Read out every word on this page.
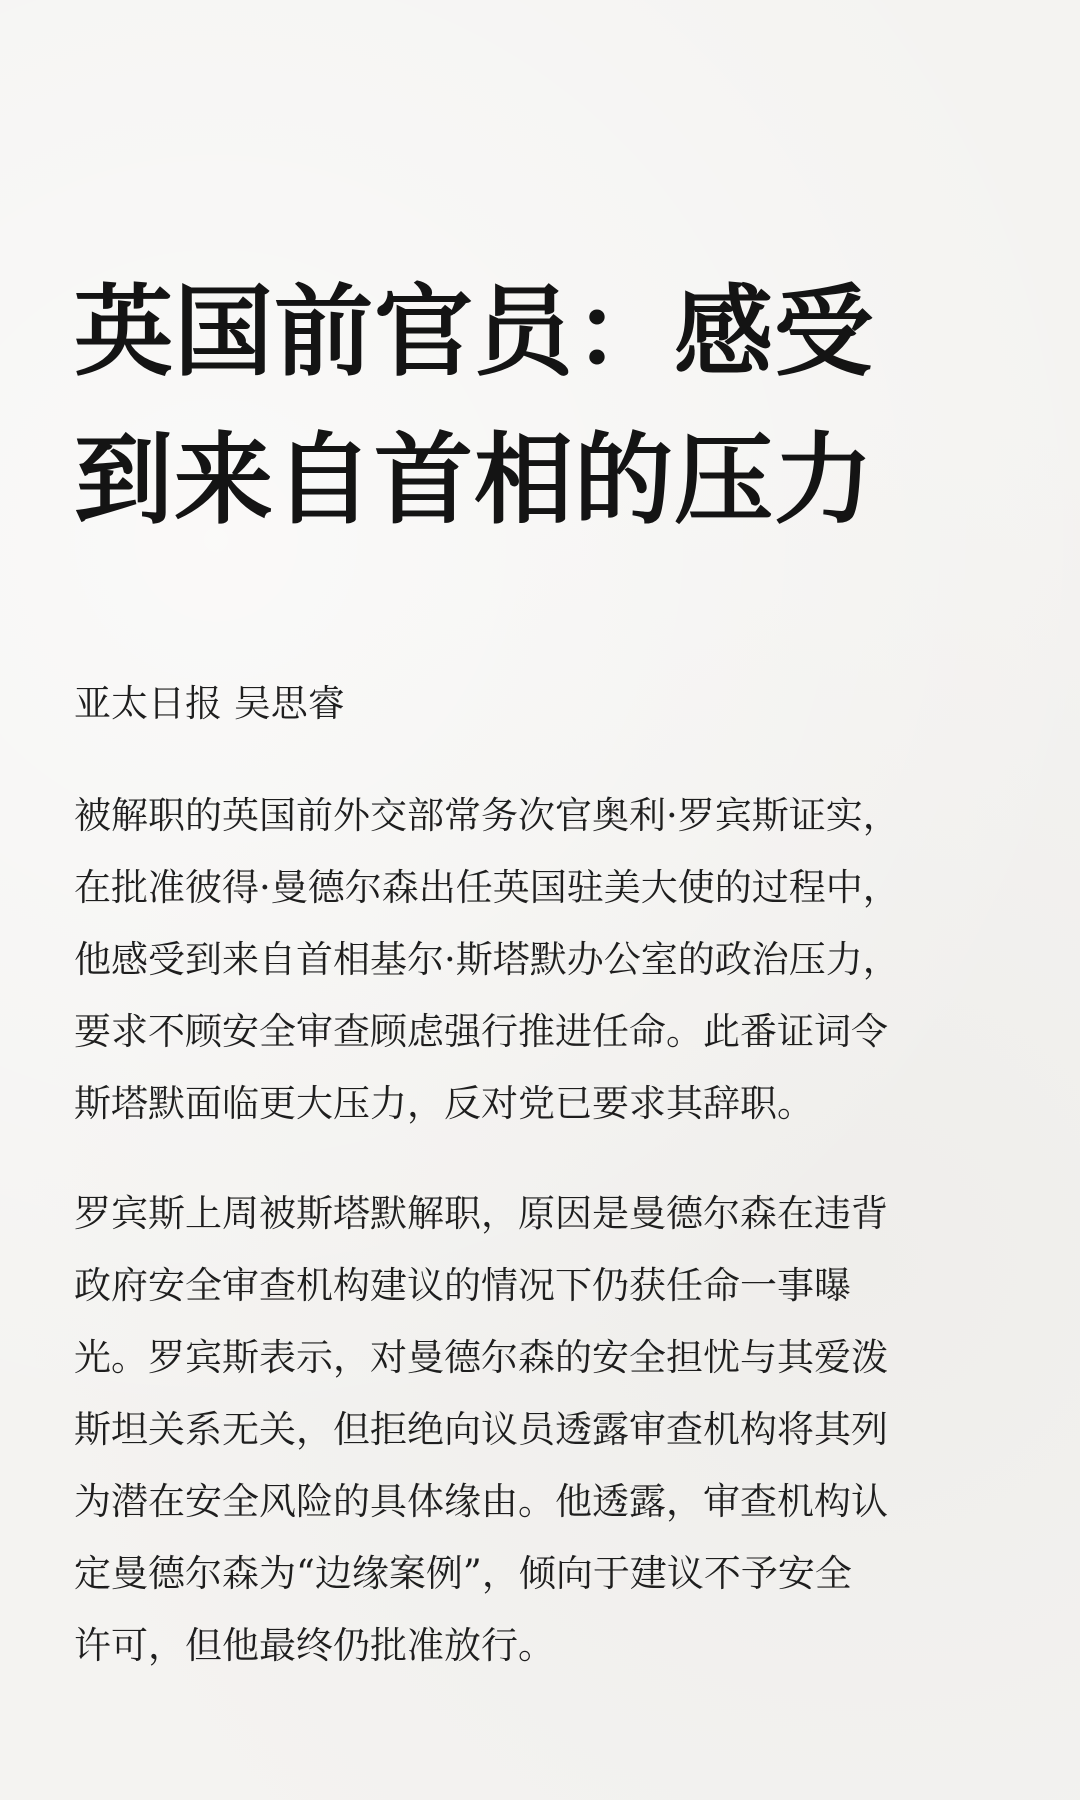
英国前官员：感受
到来自首相的压力
亚太日报 吴思睿

被解职的英国前外交部常务次官奥利·罗宾斯证实，
在批准彼得·曼德尔森出任英国驻美大使的过程中，
他感受到来自首相基尔·斯塔默办公室的政治压力，
要求不顾安全审查顾虑强行推进任命。此番证词令
斯塔默面临更大压力，反对党已要求其辞职。

罗宾斯上周被斯塔默解职，原因是曼德尔森在违背
政府安全审查机构建议的情况下仍获任命一事曝
光。罗宾斯表示，对曼德尔森的安全担忧与其爱泼
斯坦关系无关，但拒绝向议员透露审查机构将其列
为潜在安全风险的具体缘由。他透露，审查机构认
定曼德尔森为“边缘案例”，倾向于建议不予安全
许可，但他最终仍批准放行。
